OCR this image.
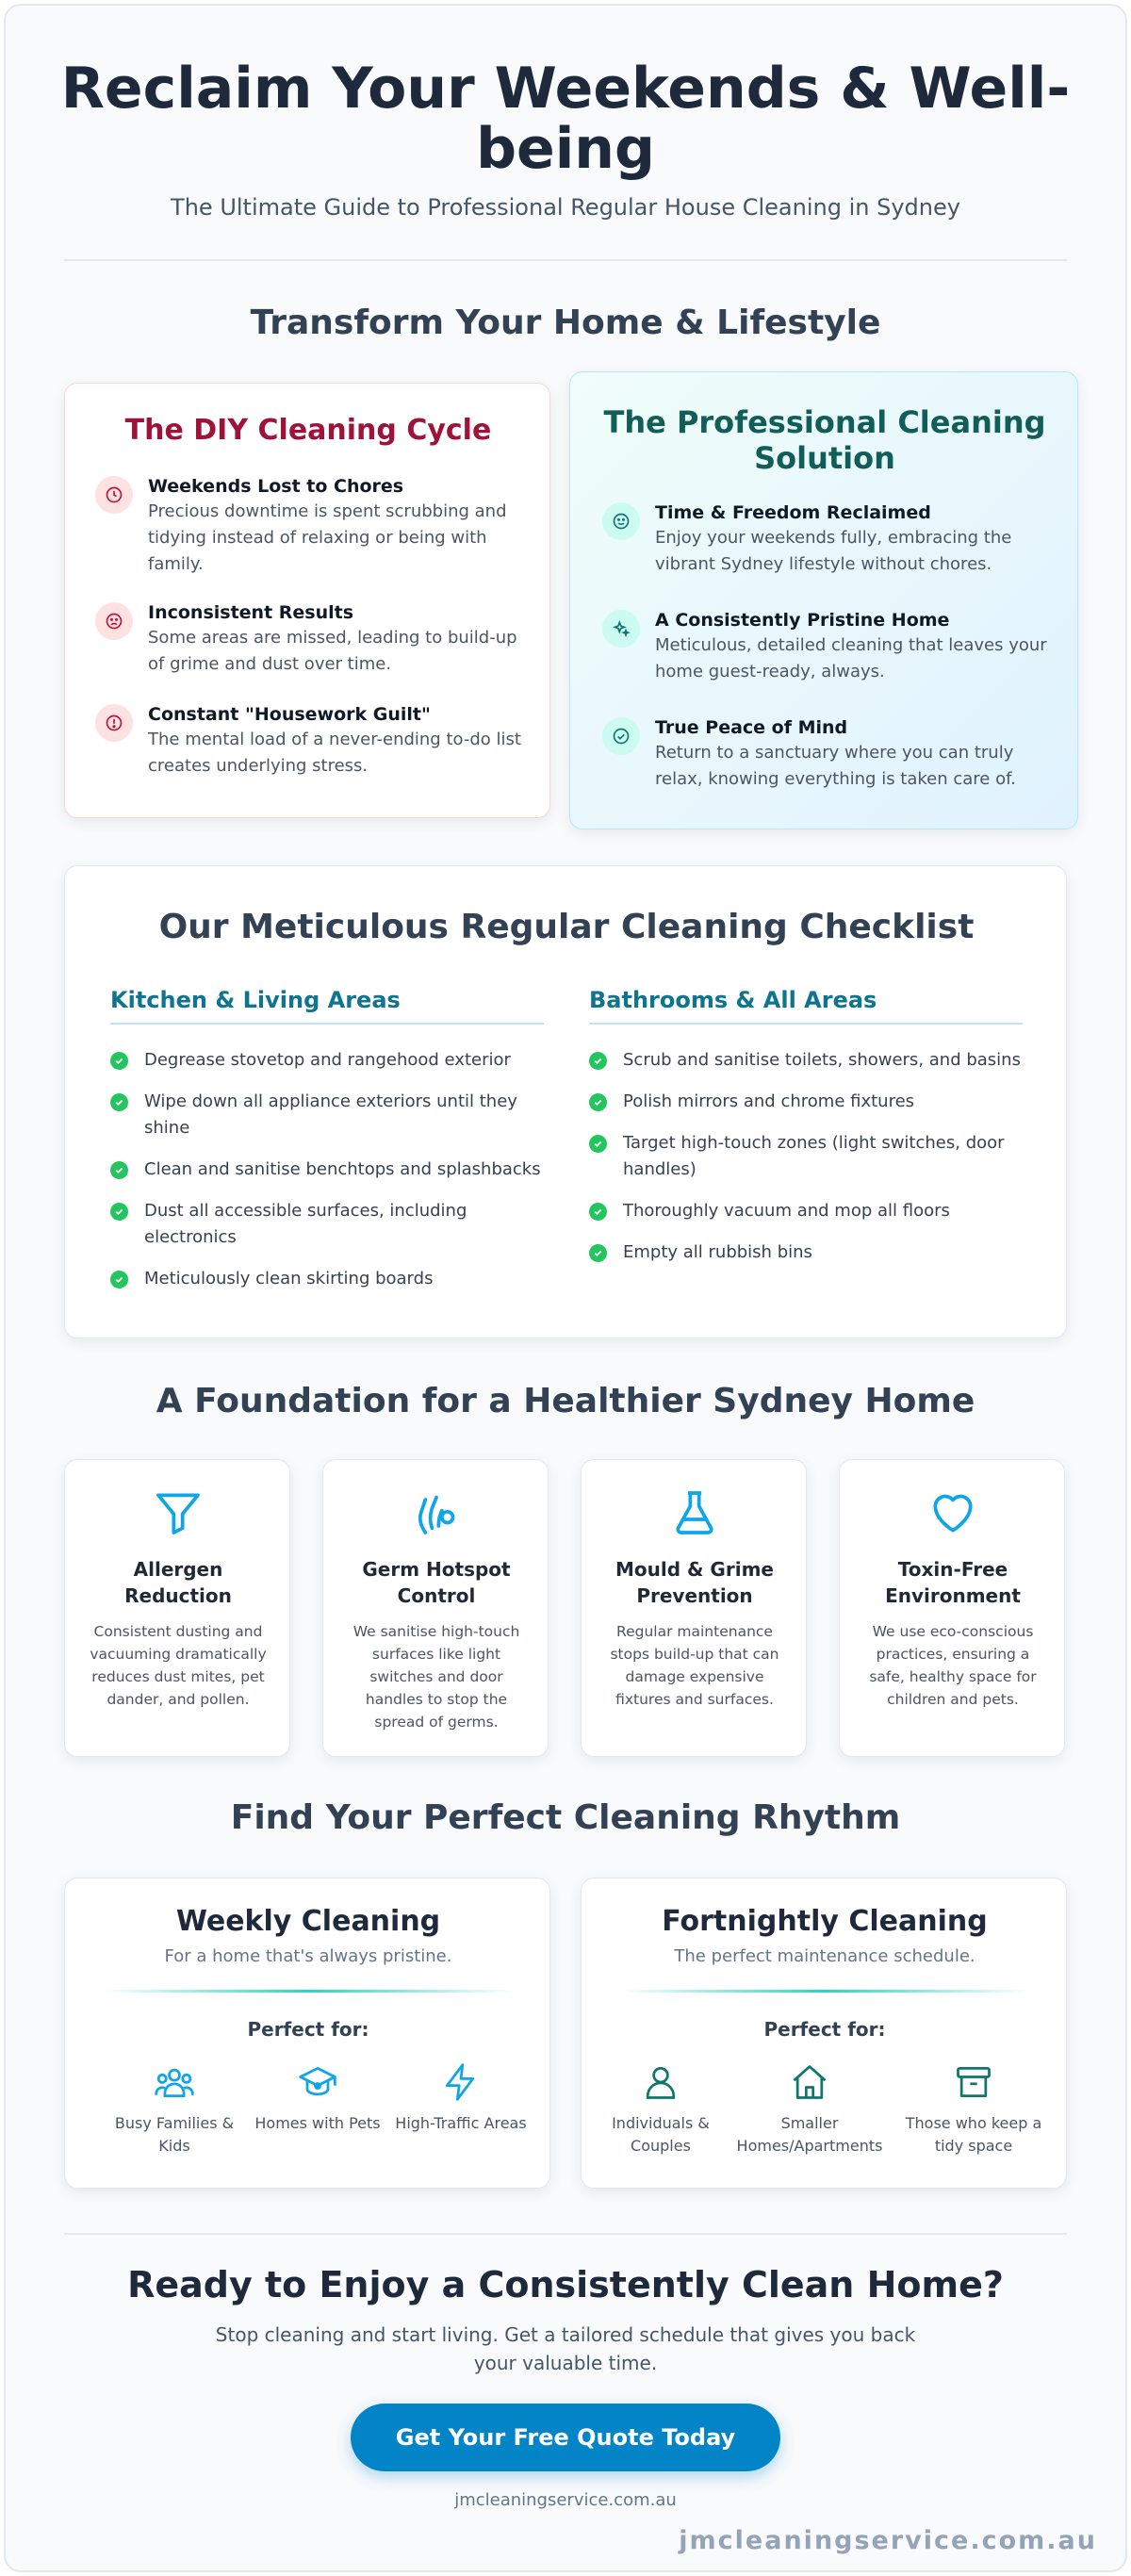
Reclaim Your Weekends & Well-being

The Ultimate Guide to Professional Regular House Cleaning in Sydney

Transform Your Home & Lifestyle
The DIY Cleaning Cycle
Weekends Lost to Chores
Precious downtime is spent scrubbing and tidying instead of relaxing or being with family.
Inconsistent Results
Some areas are missed, leading to build-up of grime and dust over time.
Constant "Housework Guilt"
The mental load of a never-ending to-do list creates underlying stress.
The Professional Cleaning Solution
Time & Freedom Reclaimed
Enjoy your weekends fully, embracing the vibrant Sydney lifestyle without chores.
A Consistently Pristine Home
Meticulous, detailed cleaning that leaves your home guest-ready, always.
True Peace of Mind
Return to a sanctuary where you can truly relax, knowing everything is taken care of.
Our Meticulous Regular Cleaning Checklist
Kitchen & Living Areas
Degrease stovetop and rangehood exterior
Wipe down all appliance exteriors until they shine
Clean and sanitise benchtops and splashbacks
Dust all accessible surfaces, including electronics
Meticulously clean skirting boards
Bathrooms & All Areas
Scrub and sanitise toilets, showers, and basins
Polish mirrors and chrome fixtures
Target high-touch zones (light switches, door handles)
Thoroughly vacuum and mop all floors
Empty all rubbish bins
A Foundation for a Healthier Sydney Home
Allergen Reduction
Consistent dusting and vacuuming dramatically reduces dust mites, pet dander, and pollen.
Germ Hotspot Control
We sanitise high-touch surfaces like light switches and door handles to stop the spread of germs.
Mould & Grime Prevention
Regular maintenance stops build-up that can damage expensive fixtures and surfaces.
Toxin-Free Environment
We use eco-conscious practices, ensuring a safe, healthy space for children and pets.
Find Your Perfect Cleaning Rhythm
Weekly Cleaning
For a home that's always pristine.
Perfect for:
Busy Families & Kids
Homes with Pets High-Traffic Areas
Fortnightly Cleaning
The perfect maintenance schedule.
Perfect for:
Individuals & Couples
Smaller Homes/Apartments
Those who keep a tidy space
Ready to Enjoy a Consistently Clean Home?

Stop cleaning and start living. Get a tailored schedule that gives you back your valuable time.

Get Your Free Quote Today
jmcleaningservice.com.au
jmcleaningservice.com.au
